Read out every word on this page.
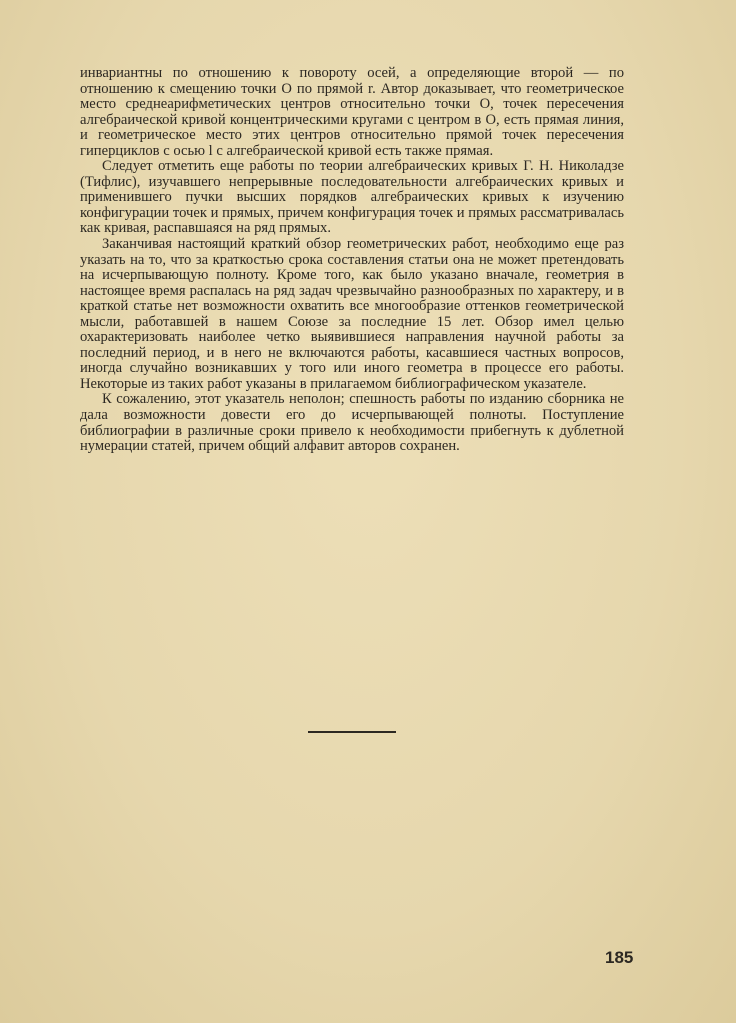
инвариантны по отношению к повороту осей, а определяющие второй — по отношению к смещению точки O по прямой r. Автор доказывает, что геометрическое место среднеарифметических центров относительно точки O, точек пересечения алгебраической кривой концентрическими кругами с центром в O, есть прямая линия, и геометрическое место этих центров относительно прямой точек пересечения гиперциклов с осью l с алгебраической кривой есть также прямая.

Следует отметить еще работы по теории алгебраических кривых Г. Н. Николадзе (Тифлис), изучавшего непрерывные последовательности алгебраических кривых и применившего пучки высших порядков алгебраических кривых к изучению конфигурации точек и прямых, причем конфигурация точек и прямых рассматривалась как кривая, распавшаяся на ряд прямых.

Заканчивая настоящий краткий обзор геометрических работ, необходимо еще раз указать на то, что за краткостью срока составления статьи она не может претендовать на исчерпывающую полноту. Кроме того, как было указано вначале, геометрия в настоящее время распалась на ряд задач чрезвычайно разнообразных по характеру, и в краткой статье нет возможности охватить все многообразие оттенков геометрической мысли, работавшей в нашем Союзе за последние 15 лет. Обзор имел целью охарактеризовать наиболее четко выявившиеся направления научной работы за последний период, и в него не включаются работы, касавшиеся частных вопросов, иногда случайно возникавших у того или иного геометра в процессе его работы. Некоторые из таких работ указаны в прилагаемом библиографическом указателе.

К сожалению, этот указатель неполон; спешность работы по изданию сборника не дала возможности довести его до исчерпывающей полноты. Поступление библиографии в различные сроки привело к необходимости прибегнуть к дублетной нумерации статей, причем общий алфавит авторов сохранен.

185
